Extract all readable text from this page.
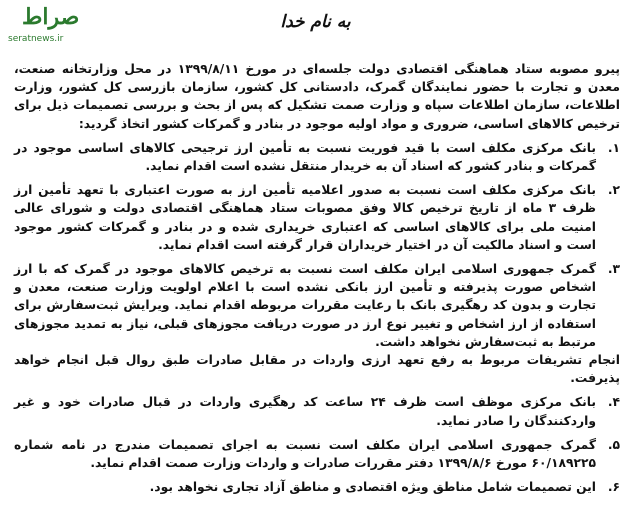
صراط
seratnews.ir
به نام خدا

پیرو مصوبه ستاد هماهنگی اقتصادی دولت جلسه‌ای در مورخ ۱۳۹۹/۸/۱۱ در محل وزارتخانه صنعت، معدن و تجارت با حضور نمایندگان گمرک، دادستانی کل کشور، سازمان بازرسی کل کشور، وزارت اطلاعات، سازمان اطلاعات سپاه و وزارت صمت تشکیل که پس از بحث و بررسی تصمیمات ذیل برای ترخیص کالاهای اساسی، ضروری و مواد اولیه موجود در بنادر و گمرکات کشور اتخاذ گردید:

۱.

بانک مرکزی مکلف است با قید فوریت نسبت به تأمین ارز ترجیحی کالاهای اساسی موجود در گمرکات و بنادر کشور که اسناد آن به خریدار منتقل نشده است اقدام نماید.

۲.

بانک مرکزی مکلف است نسبت به صدور اعلامیه تأمین ارز به صورت اعتباری با تعهد تأمین ارز ظرف ۳ ماه از تاریخ ترخیص کالا وفق مصوبات ستاد هماهنگی اقتصادی دولت و شورای عالی امنیت ملی برای کالاهای اساسی که اعتباری خریداری شده و در بنادر و گمرکات کشور موجود است و اسناد مالکیت آن در اختیار خریداران قرار گرفته است اقدام نماید.

۳.

گمرک جمهوری اسلامی ایران مکلف است نسبت به ترخیص کالاهای موجود در گمرک که با ارز اشخاص صورت پذیرفته و تأمین ارز بانکی نشده است با اعلام اولویت وزارت صنعت، معدن و تجارت و بدون کد رهگیری بانک با رعایت مقررات مربوطه اقدام نماید. ویرایش ثبت‌سفارش برای استفاده از ارز اشخاص و تغییر نوع ارز در صورت دریافت مجوزهای قبلی، نیاز به تمدید مجوزهای مرتبط به ثبت‌سفارش نخواهد داشت.

انجام تشریفات مربوط به رفع تعهد ارزی واردات در مقابل صادرات طبق روال قبل انجام خواهد پذیرفت.

۴.

بانک مرکزی موظف است ظرف ۲۴ ساعت کد رهگیری واردات در قبال صادرات خود و غیر واردکنندگان را صادر نماید.

۵.

گمرک جمهوری اسلامی ایران مکلف است نسبت به اجرای تصمیمات مندرج در نامه شماره ۶۰/۱۸۹۲۲۵ مورخ ۱۳۹۹/۸/۶ دفتر مقررات صادرات و واردات وزارت صمت اقدام نماید.

۶.

این تصمیمات شامل مناطق ویژه اقتصادی و مناطق آزاد تجاری نخواهد بود.
